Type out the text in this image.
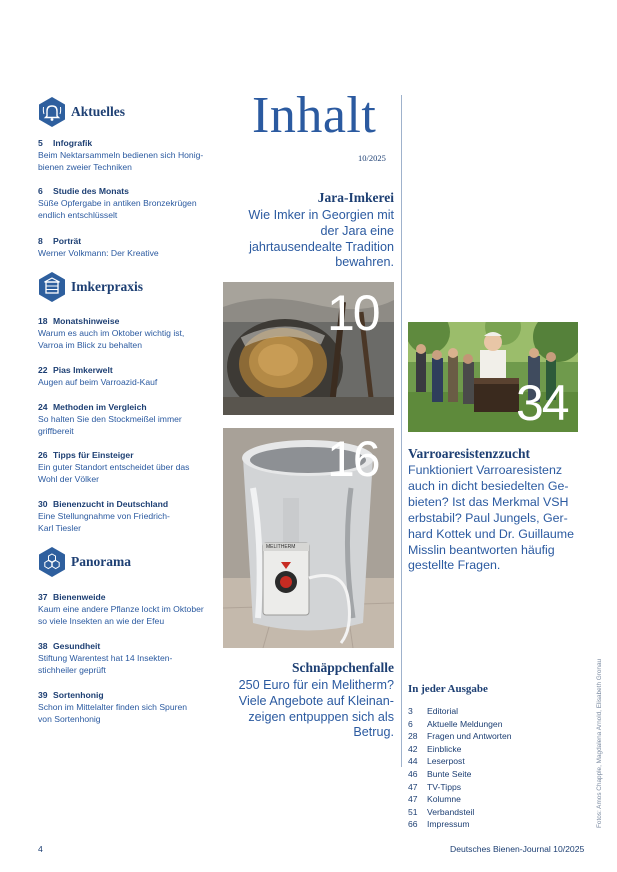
Aktuelles
5 Infografik
Beim Nektarsammeln bedienen sich Honig-bienen zweier Techniken
6 Studie des Monats
Süße Opfergabe in antiken Bronzekrügen endlich entschlüsselt
8 Porträt
Werner Volkmann: Der Kreative
Imkerpraxis
18 Monatshinweise
Warum es auch im Oktober wichtig ist, Varroa im Blick zu behalten
22 Pias Imkerwelt
Augen auf beim Varroazid-Kauf
24 Methoden im Vergleich
So halten Sie den Stockmeißel immer griffbereit
26 Tipps für Einsteiger
Ein guter Standort entscheidet über das Wohl der Völker
30 Bienenzucht in Deutschland
Eine Stellungnahme von Friedrich-Karl Tiesler
Panorama
37 Bienenweide
Kaum eine andere Pflanze lockt im Oktober so viele Insekten an wie der Efeu
38 Gesundheit
Stiftung Warentest hat 14 Insekten-stichheiler geprüft
39 Sortenhonig
Schon im Mittelalter finden sich Spuren von Sortenhonig
Inhalt
10/2025
Jara-Imkerei
Wie Imker in Georgien mit der Jara eine jahrtausendealte Tradition bewahren.
10
MELITHERM
16
Schnäppchenfalle
250 Euro für ein Melitherm? Viele Angebote auf Kleinan-zeigen entpuppen sich als Betrug.
34
Varroaresistenzzucht
Funktioniert Varroaresistenz auch in dicht besiedelten Ge-bieten? Ist das Merkmal VSH erbstabil? Paul Jungels, Ger-hard Kottek und Dr. Guillaume Misslin beantworten häufig gestellte Fragen.
In jeder Ausgabe
3 Editorial
6 Aktuelle Meldungen
28 Fragen und Antworten
42 Einblicke
44 Leserpost
46 Bunte Seite
47 TV-Tipps
47 Kolumne
51 Verbandsteil
66 Impressum	Fotos: Amos Chapple, Magdalena Arnold, Elisabeth Gronau
4	Deutsches Bienen-Journal 10/2025
